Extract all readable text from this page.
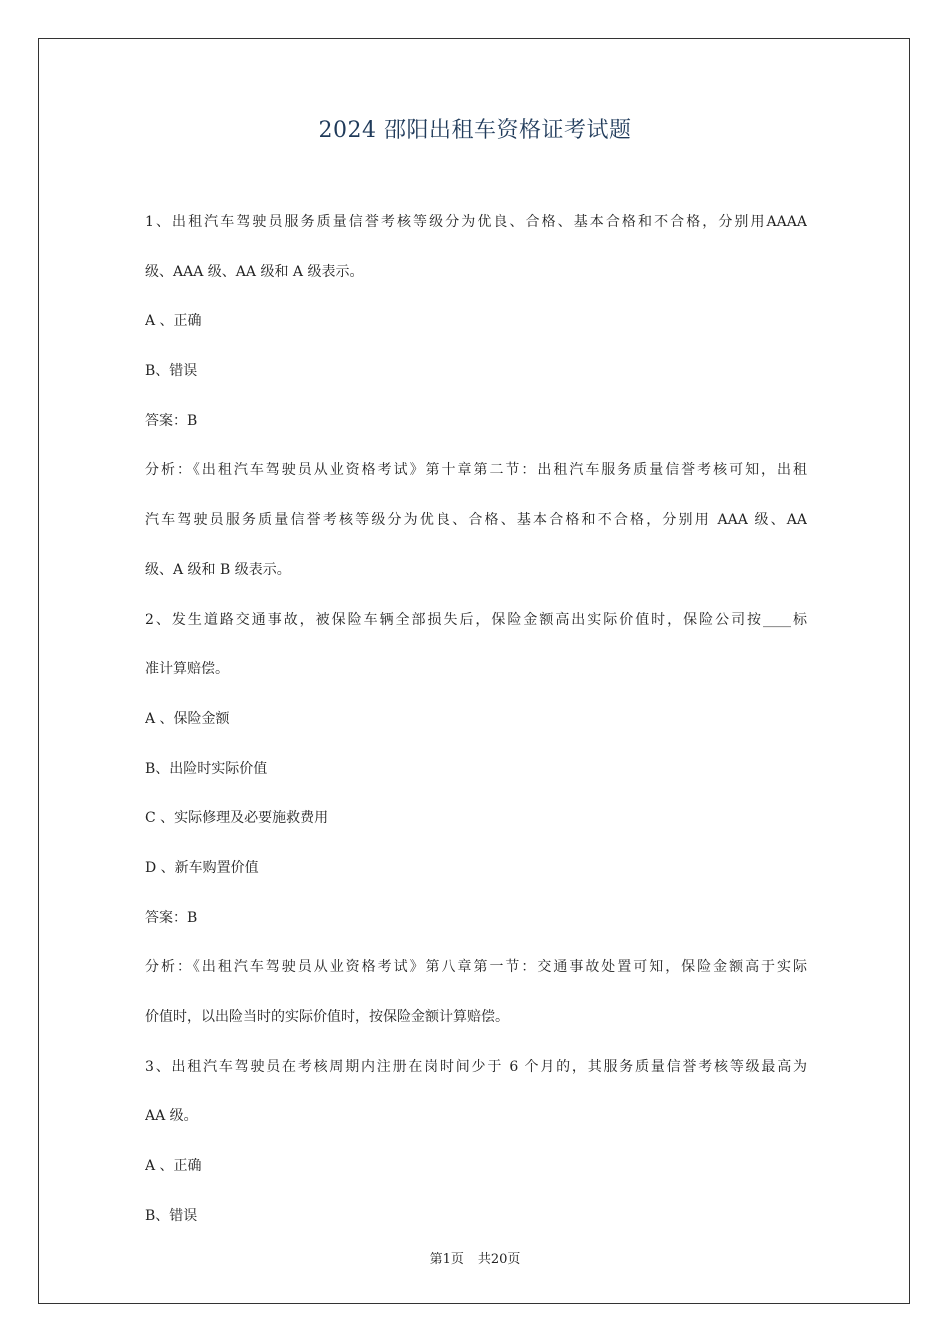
2024 邵阳出租车资格证考试题
1、出租汽车驾驶员服务质量信誉考核等级分为优良、合格、基本合格和不合格，分别用AAAA
级、AAA 级、AA 级和 A 级表示。
A 、正确
B、错误
答案：B
分析：《出租汽车驾驶员从业资格考试》第十章第二节：出租汽车服务质量信誉考核可知，出租
汽车驾驶员服务质量信誉考核等级分为优良、合格、基本合格和不合格，分别用 AAA 级、AA
级、A 级和 B 级表示。
2、发生道路交通事故，被保险车辆全部损失后，保险金额高出实际价值时，保险公司按____标
准计算赔偿。
A 、保险金额
B、出险时实际价值
C 、实际修理及必要施救费用
D 、新车购置价值
答案：B
分析：《出租汽车驾驶员从业资格考试》第八章第一节：交通事故处置可知，保险金额高于实际
价值时，以出险当时的实际价值时，按保险金额计算赔偿。
3、出租汽车驾驶员在考核周期内注册在岗时间少于 6 个月的，其服务质量信誉考核等级最高为
AA 级。
A 、正确
B、错误
第1页 共20页
